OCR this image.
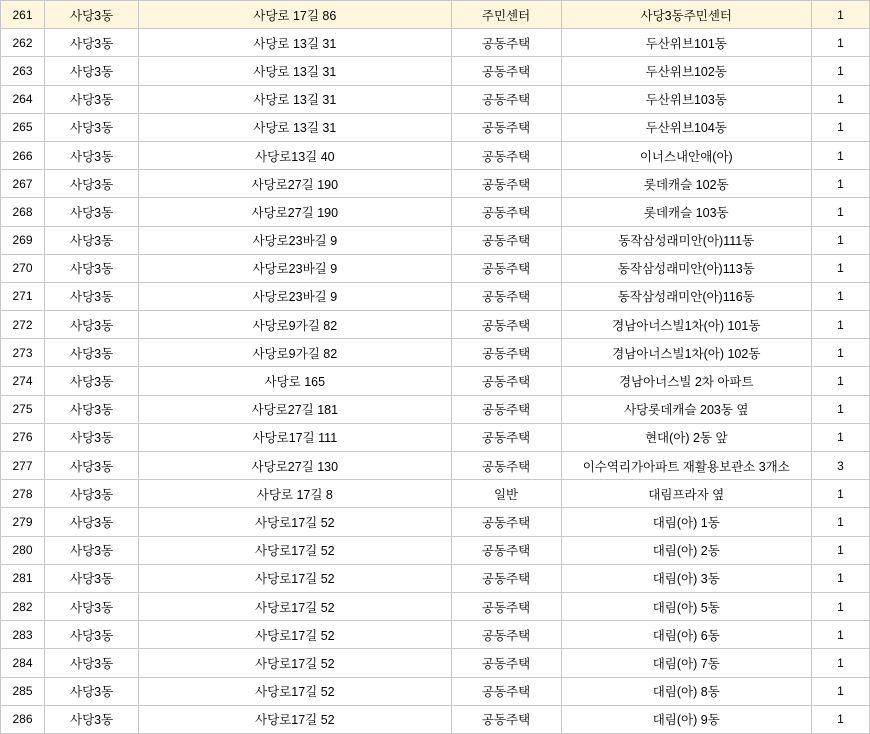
261	사당3동	사당로 17길 86	주민센터	사당3동주민센터	1
262	사당3동	사당로 13길 31	공동주택	두산위브101동	1
263	사당3동	사당로 13길 31	공동주택	두산위브102동	1
264	사당3동	사당로 13길 31	공동주택	두산위브103동	1
265	사당3동	사당로 13길 31	공동주택	두산위브104동	1
266	사당3동	사당로13길 40	공동주택	이너스내안애(아)	1
267	사당3동	사당로27길 190	공동주택	롯데캐슬 102동	1
268	사당3동	사당로27길 190	공동주택	롯데캐슬 103동	1
269	사당3동	사당로23바길 9	공동주택	동작삼성래미안(아)111동	1
270	사당3동	사당로23바길 9	공동주택	동작삼성래미안(아)113동	1
271	사당3동	사당로23바길 9	공동주택	동작삼성래미안(아)116동	1
272	사당3동	사당로9가길 82	공동주택	경남아너스빌1차(아) 101동	1
273	사당3동	사당로9가길 82	공동주택	경남아너스빌1차(아) 102동	1
274	사당3동	사당로 165	공동주택	경남아너스빌 2차 아파트	1
275	사당3동	사당로27길 181	공동주택	사당롯데캐슬 203동 옆	1
276	사당3동	사당로17길 111	공동주택	현대(아) 2동 앞	1
277	사당3동	사당로27길 130	공동주택	이수역리가아파트 재활용보관소 3개소	3
278	사당3동	사당로 17길 8	일반	대림프라자 옆	1
279	사당3동	사당로17길 52	공동주택	대림(아) 1동	1
280	사당3동	사당로17길 52	공동주택	대림(아) 2동	1
281	사당3동	사당로17길 52	공동주택	대림(아) 3동	1
282	사당3동	사당로17길 52	공동주택	대림(아) 5동	1
283	사당3동	사당로17길 52	공동주택	대림(아) 6동	1
284	사당3동	사당로17길 52	공동주택	대림(아) 7동	1
285	사당3동	사당로17길 52	공동주택	대림(아) 8동	1
286	사당3동	사당로17길 52	공동주택	대림(아) 9동	1
